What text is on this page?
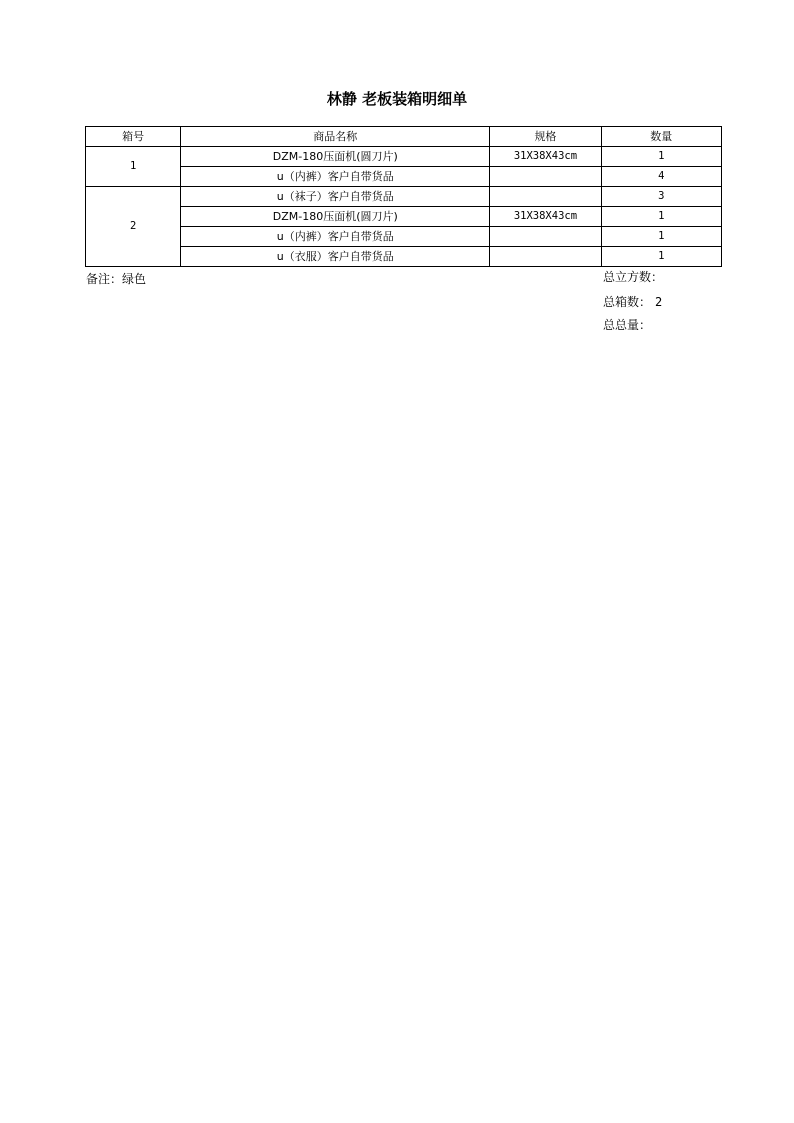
林静 老板装箱明细单
箱号	商品名称	规格	数量
1	DZM-180压面机(圆刀片)	31X38X43cm	1
	u（内裤）客户自带货品		4
2	u（袜子）客户自带货品		3
	DZM-180压面机(圆刀片)	31X38X43cm	1
	u（内裤）客户自带货品		1
	u（衣服）客户自带货品		1
备注：绿色	总立方数：
总箱数： 2
总总量：
